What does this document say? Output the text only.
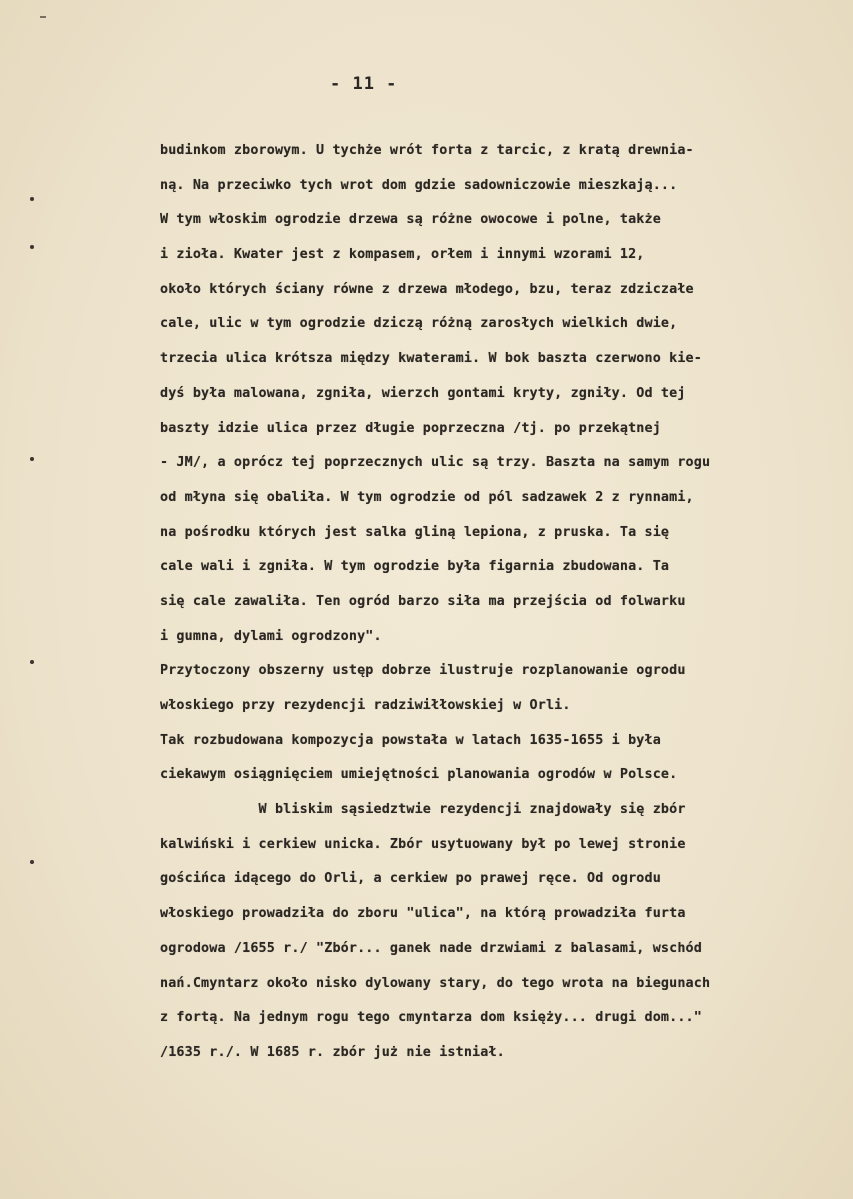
- 11 -
budinkom zborowym. U tychże wrót forta z tarcic, z kratą drewnia-
ną. Na przeciwko tych wrot dom gdzie sadowniczowie mieszkają...
W tym włoskim ogrodzie drzewa są różne owocowe i polne, także
i zioła. Kwater jest z kompasem, orłem i innymi wzorami 12,
około których ściany równe z drzewa młodego, bzu, teraz zdziczałe
cale, ulic w tym ogrodzie dziczą różną zarosłych wielkich dwie,
trzecia ulica krótsza między kwaterami. W bok baszta czerwono kie-
dyś była malowana, zgniła, wierzch gontami kryty, zgniły. Od tej
baszty idzie ulica przez długie poprzeczna /tj. po przekątnej
- JM/, a oprócz tej poprzecznych ulic są trzy. Baszta na samym rogu
od młyna się obaliła. W tym ogrodzie od pól sadzawek 2 z rynnami,
na pośrodku których jest salka gliną lepiona, z pruska. Ta się
cale wali i zgniła. W tym ogrodzie była figarnia zbudowana. Ta
się cale zawaliła. Ten ogród barzo siła ma przejścia od folwarku
i gumna, dylami ogrodzony".
Przytoczony obszerny ustęp dobrze ilustruje rozplanowanie ogrodu
włoskiego przy rezydencji radziwiłłowskiej w Orli.
Tak rozbudowana kompozycja powstała w latach 1635-1655 i była
ciekawym osiągnięciem umiejętności planowania ogrodów w Polsce.
W bliskim sąsiedztwie rezydencji znajdowały się zbór
kalwiński i cerkiew unicka. Zbór usytuowany był po lewej stronie
gościńca idącego do Orli, a cerkiew po prawej ręce. Od ogrodu
włoskiego prowadziła do zboru "ulica", na którą prowadziła furta
ogrodowa /1655 r./ "Zbór... ganek nade drzwiami z balasami, wschód
nań.Cmyntarz około nisko dylowany stary, do tego wrota na biegunach
z fortą. Na jednym rogu tego cmyntarza dom księży... drugi dom..."
/1635 r./. W 1685 r. zbór już nie istniał.
